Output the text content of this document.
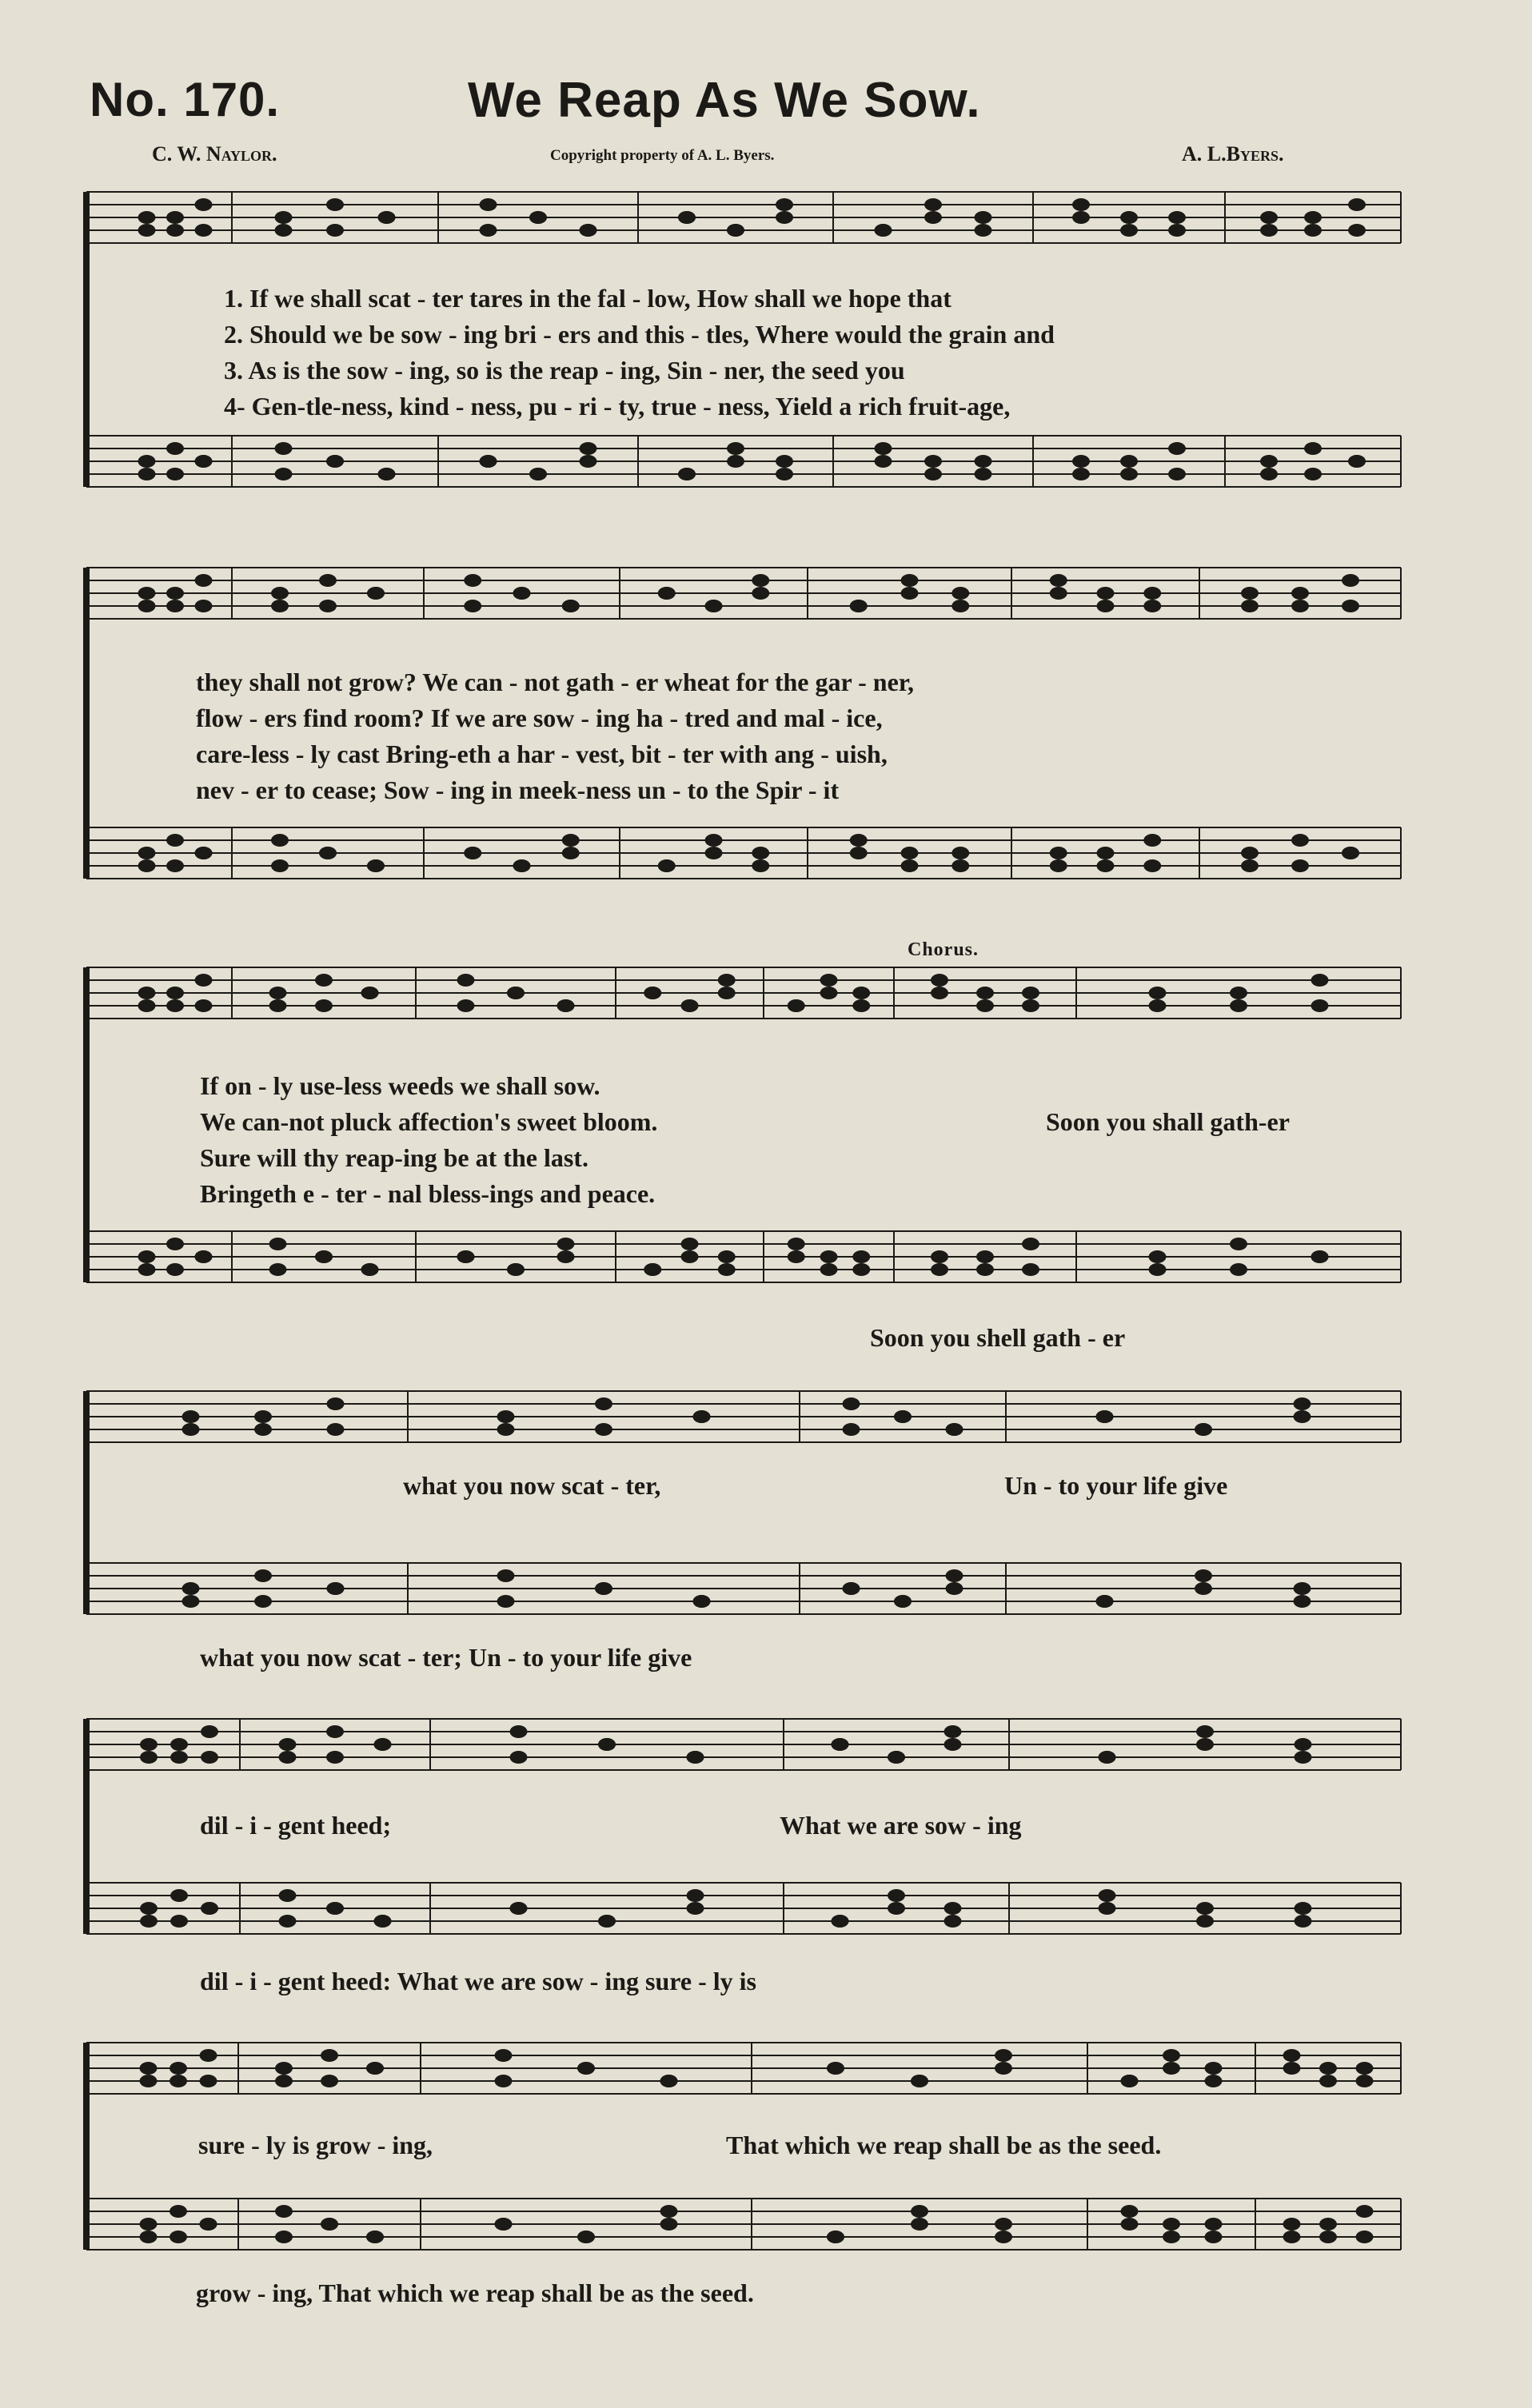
No. 170.	We Reap As We Sow.
C. W. Naylor.	Copyright property of A. L. Byers.	A. L.Byers.
1. If we shall scat - ter tares in the fal - low, How shall we hope that
2. Should we be sow - ing bri - ers and this - tles, Where would the grain and
3. As is the sow - ing, so is the reap - ing, Sin - ner, the seed you
4- Gen-tle-ness, kind - ness, pu - ri - ty, true - ness, Yield a rich fruit-age,
they shall not grow? We can - not gath - er wheat for the gar - ner,
flow - ers find room? If we are sow - ing ha - tred and mal - ice,
care-less - ly cast Bring-eth a har - vest, bit - ter with ang - uish,
nev - er to cease; Sow - ing in meek-ness un - to the Spir - it
Chorus.
If on - ly use-less weeds we shall sow.
We can-not pluck affection's sweet bloom.
Sure will thy reap-ing be at the last.
Bringeth e - ter - nal bless-ings and peace.
Soon you shall gath-er
Soon you shell gath - er
what you now scat - ter,	Un - to your life give
what you now scat - ter; Un - to your life give
dil - i - gent heed;	What we are sow - ing
dil - i - gent heed: What we are sow - ing sure - ly is
sure - ly is grow - ing,	That which we reap shall be as the seed.
grow - ing, That which we reap shall be as the seed.
